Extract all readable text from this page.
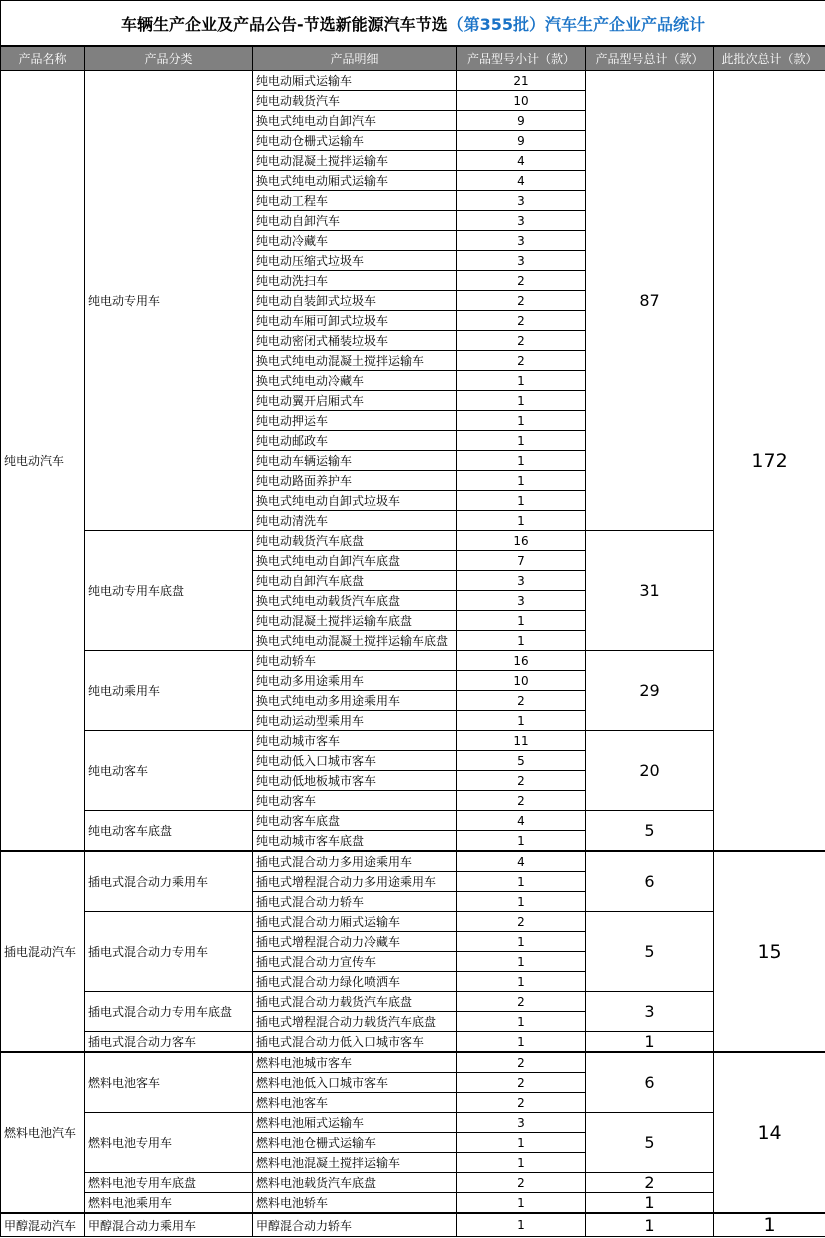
车辆生产企业及产品公告-节选新能源汽车节选（第355批）汽车生产企业产品统计					
产品名称	产品分类	产品明细	产品型号小计（款）	产品型号总计（款）	此批次总计（款）
纯电动汽车	纯电动专用车	纯电动厢式运输车	21	87	172
		纯电动载货汽车	10		
		换电式纯电动自卸汽车	9		
		纯电动仓栅式运输车	9		
		纯电动混凝土搅拌运输车	4		
		换电式纯电动厢式运输车	4		
		纯电动工程车	3		
		纯电动自卸汽车	3		
		纯电动冷藏车	3		
		纯电动压缩式垃圾车	3		
		纯电动洗扫车	2		
		纯电动自装卸式垃圾车	2		
		纯电动车厢可卸式垃圾车	2		
		纯电动密闭式桶装垃圾车	2		
		换电式纯电动混凝土搅拌运输车	2		
		换电式纯电动冷藏车	1		
		纯电动翼开启厢式车	1		
		纯电动押运车	1		
		纯电动邮政车	1		
		纯电动车辆运输车	1		
		纯电动路面养护车	1		
		换电式纯电动自卸式垃圾车	1		
		纯电动清洗车	1		
	纯电动专用车底盘	纯电动载货汽车底盘	16	31	
		换电式纯电动自卸汽车底盘	7		
		纯电动自卸汽车底盘	3		
		换电式纯电动载货汽车底盘	3		
		纯电动混凝土搅拌运输车底盘	1		
		换电式纯电动混凝土搅拌运输车底盘	1		
	纯电动乘用车	纯电动轿车	16	29	
		纯电动多用途乘用车	10		
		换电式纯电动多用途乘用车	2		
		纯电动运动型乘用车	1		
	纯电动客车	纯电动城市客车	11	20	
		纯电动低入口城市客车	5		
		纯电动低地板城市客车	2		
		纯电动客车	2		
	纯电动客车底盘	纯电动客车底盘	4	5	
		纯电动城市客车底盘	1		
插电混动汽车	插电式混合动力乘用车	插电式混合动力多用途乘用车	4	6	15
		插电式增程混合动力多用途乘用车	1		
		插电式混合动力轿车	1		
	插电式混合动力专用车	插电式混合动力厢式运输车	2	5	
		插电式增程混合动力冷藏车	1		
		插电式混合动力宣传车	1		
		插电式混合动力绿化喷洒车	1		
	插电式混合动力专用车底盘	插电式混合动力载货汽车底盘	2	3	
		插电式增程混合动力载货汽车底盘	1		
	插电式混合动力客车	插电式混合动力低入口城市客车	1	1	
燃料电池汽车	燃料电池客车	燃料电池城市客车	2	6	14
		燃料电池低入口城市客车	2		
		燃料电池客车	2		
	燃料电池专用车	燃料电池厢式运输车	3	5	
		燃料电池仓栅式运输车	1		
		燃料电池混凝土搅拌运输车	1		
	燃料电池专用车底盘	燃料电池载货汽车底盘	2	2	
	燃料电池乘用车	燃料电池轿车	1	1	
甲醇混动汽车	甲醇混合动力乘用车	甲醇混合动力轿车	1	1	1
